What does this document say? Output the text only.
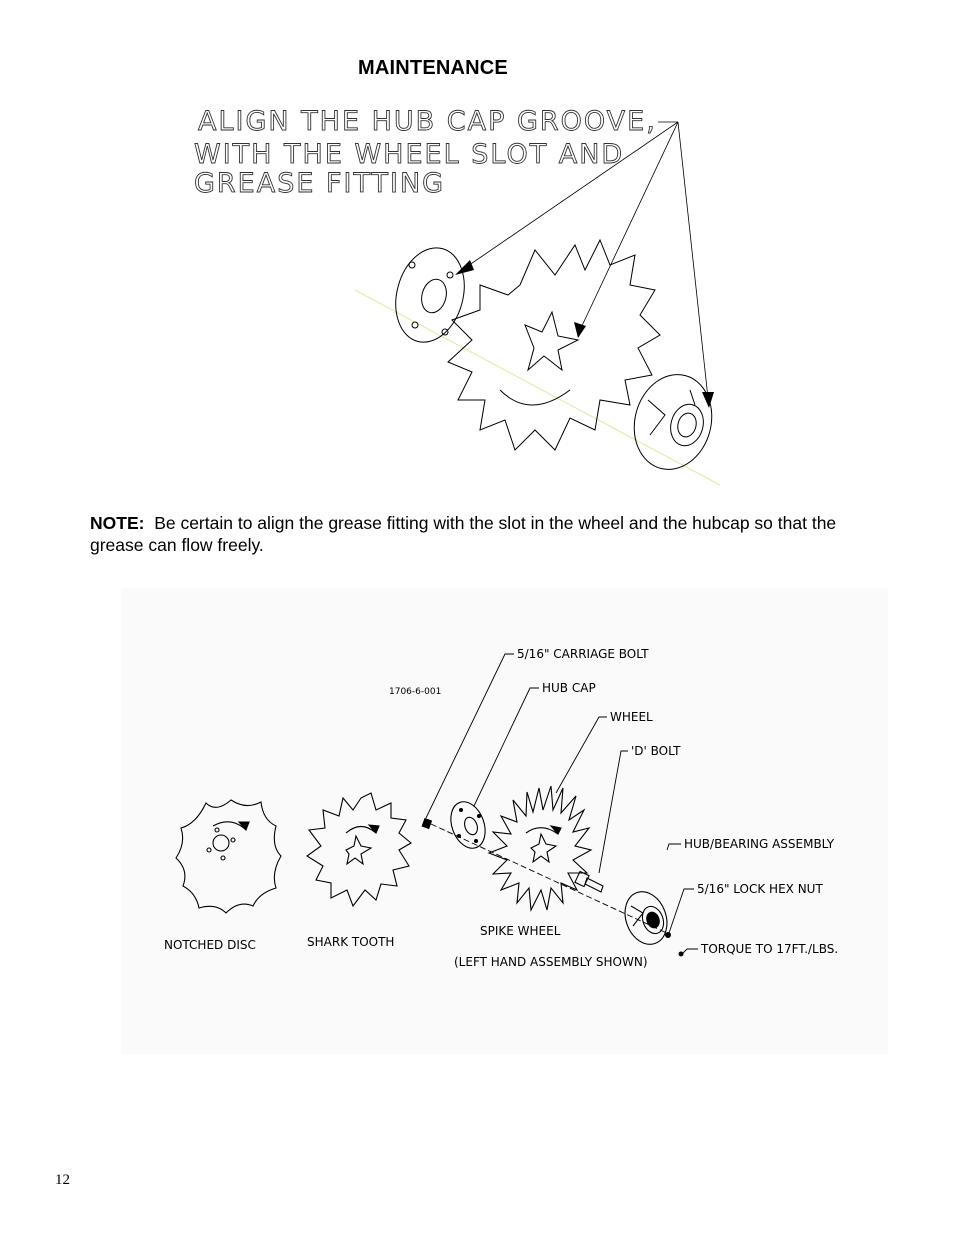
MAINTENANCE
ALIGN THE HUB CAP GROOVE,
WITH THE WHEEL SLOT AND
GREASE FITTING
NOTE: Be certain to align the grease fitting with the slot in the wheel and the hubcap so that the grease can flow freely.
1706-6-001
5/16" CARRIAGE BOLT
HUB CAP
WHEEL
'D' BOLT
HUB/BEARING ASSEMBLY
5/16" LOCK HEX NUT
TORQUE TO 17FT./LBS.
NOTCHED DISC	SHARK TOOTH
SPIKE WHEEL
(LEFT HAND ASSEMBLY SHOWN)
12
